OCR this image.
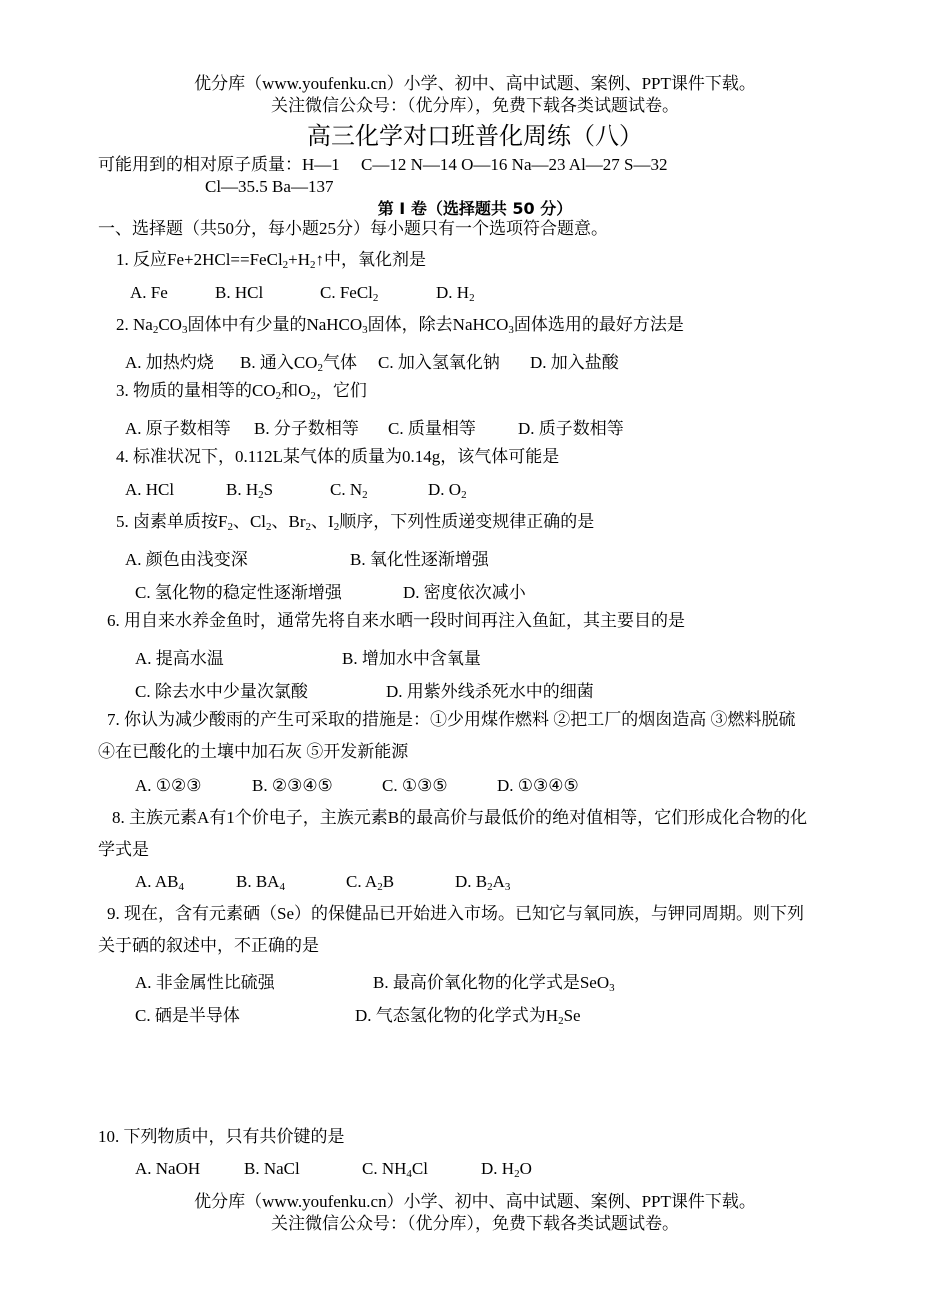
优分库（www.youfenku.cn）小学、初中、高中试题、案例、PPT课件下载。
关注微信公众号：（优分库），免费下载各类试题试卷。
高三化学对口班普化周练（八）
可能用到的相对原子质量：H—1　 C—12 N—14 O—16 Na—23 Al—27 S—32
Cl—35.5 Ba—137
第 I 卷（选择题共 50 分）
一、选择题（共50分，每小题25分）每小题只有一个选项符合题意。
1. 反应$Fe+2HCl==FeCl_2+H_2↑$中，氧化剂是
A. Fe	B. HCl	C. FeCl$_2$	D. $H_2$
2. $Na_2CO_3$固体中有少量的NaHCO$_3$固体，除去NaHCO$_3$固体选用的最好方法是
A. 加热灼烧 B. 通入$CO_2$气体 C. 加入氢氧化钠 D. 加入盐酸
3. 物质的量相等的$CO_2$和$O_2$，它们
A. 原子数相等 B. 分子数相等 C. 质量相等 D. 质子数相等
4. 标准状况下，0.112L某气体的质量为0.14g，该气体可能是
A. HCl	B. $H_2S$	C. $N_2$	D. $O_2$
5. 卤素单质按$F_2$、$Cl_2$、$Br_2$、$I_2$顺序，下列性质递变规律正确的是
A. 颜色由浅变深	B. 氧化性逐渐增强
C. 氢化物的稳定性逐渐增强	D. 密度依次减小
6. 用自来水养金鱼时，通常先将自来水晒一段时间再注入鱼缸，其主要目的是
A. 提高水温	B. 增加水中含氧量
C. 除去水中少量次氯酸	D. 用紫外线杀死水中的细菌
7. 你认为减少酸雨的产生可采取的措施是：①少用煤作燃料 ②把工厂的烟囱造高 ③燃料脱硫
④在已酸化的土壤中加石灰 ⑤开发新能源
A. ①②③	B. ②③④⑤	C. ①③⑤	D. ①③④⑤
8. 主族元素A有1个价电子，主族元素B的最高价与最低价的绝对值相等，它们形成化合物的化
学式是
A. $AB_4$	B. $BA_4$	C. $A_2B$	D. $B_2A_3$
9. 现在，含有元素硒（Se）的保健品已开始进入市场。已知它与氧同族，与钾同周期。则下列
关于硒的叙述中，不正确的是
A. 非金属性比硫强	B. 最高价氧化物的化学式是SeO$_3$
C. 硒是半导体	D. 气态氢化物的化学式为$H_2Se$
10. 下列物质中，只有共价键的是
A. NaOH	B. NaCl	C. $NH_4Cl$	D. $H_2O$
优分库（www.youfenku.cn）小学、初中、高中试题、案例、PPT课件下载。
关注微信公众号：（优分库），免费下载各类试题试卷。
